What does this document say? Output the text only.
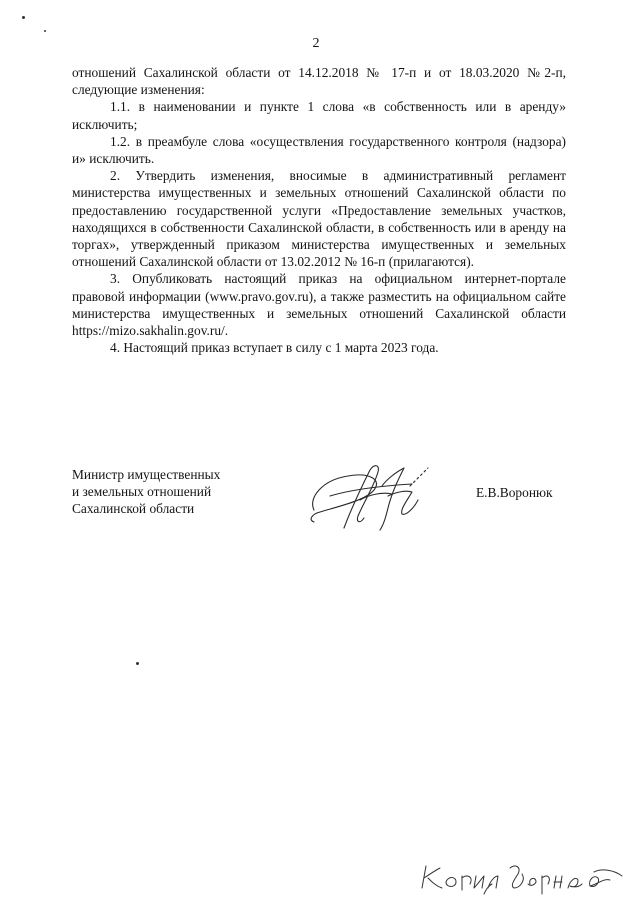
2

отношений Сахалинской области от 14.12.2018 № 17-п и от 18.03.2020 №2-п, следующие изменения:

1.1. в наименовании и пункте 1 слова «в собственность или в аренду» исключить;

1.2. в преамбуле слова «осуществления государственного контроля (надзора) и» исключить.

2. Утвердить изменения, вносимые в административный регламент министерства имущественных и земельных отношений Сахалинской области по предоставлению государственной услуги «Предоставление земельных участков, находящихся в собственности Сахалинской области, в собственность или в аренду на торгах», утвержденный приказом министерства имущественных и земельных отношений Сахалинской области от 13.02.2012 № 16-п (прилагаются).

3. Опубликовать настоящий приказ на официальном интернет-портале правовой информации (www.pravo.gov.ru), а также разместить на официальном сайте министерства имущественных и земельных отношений Сахалинской области https://mizo.sakhalin.gov.ru/.

4. Настоящий приказ вступает в силу с 1 марта 2023 года.

Министр имущественных
и земельных отношений
Сахалинской области
Е.В.Воронюк
